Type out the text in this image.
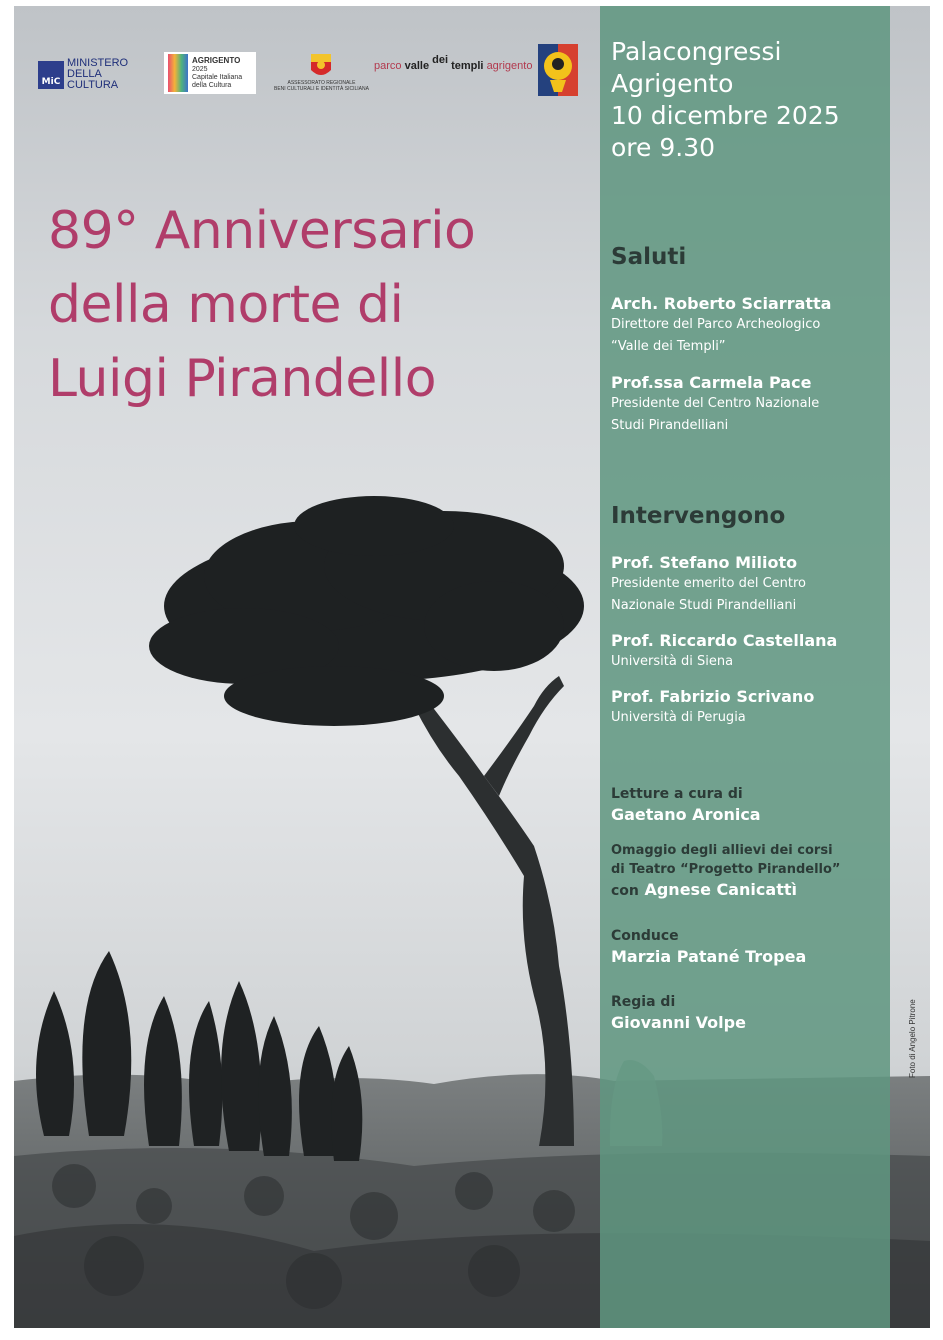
MiC
MINISTERO
DELLA
CULTURA
AGRIGENTO
2025
Capitale Italiana della Cultura	ASSESSORATO REGIONALE
BENI CULTURALI E IDENTITÀ SICILIANA
parco
valle
dei
templi
agrigento
89° Anniversario
della morte di
Luigi Pirandello
Foto di Angelo Pitrone
Palacongressi
Agrigento
10 dicembre 2025
ore 9.30
Saluti
Arch. Roberto Sciarratta
Direttore del Parco Archeologico
“Valle dei Templi”
Prof.ssa Carmela Pace
Presidente del Centro Nazionale
Studi Pirandelliani
Intervengono
Prof. Stefano Milioto
Presidente emerito del Centro
Nazionale Studi Pirandelliani
Prof. Riccardo Castellana
Università di Siena
Prof. Fabrizio Scrivano
Università di Perugia
Letture a cura di
Gaetano Aronica
Omaggio degli allievi dei corsi
di Teatro “Progetto Pirandello”
con Agnese Canicattì
Conduce
Marzia Patané Tropea
Regia di
Giovanni Volpe
